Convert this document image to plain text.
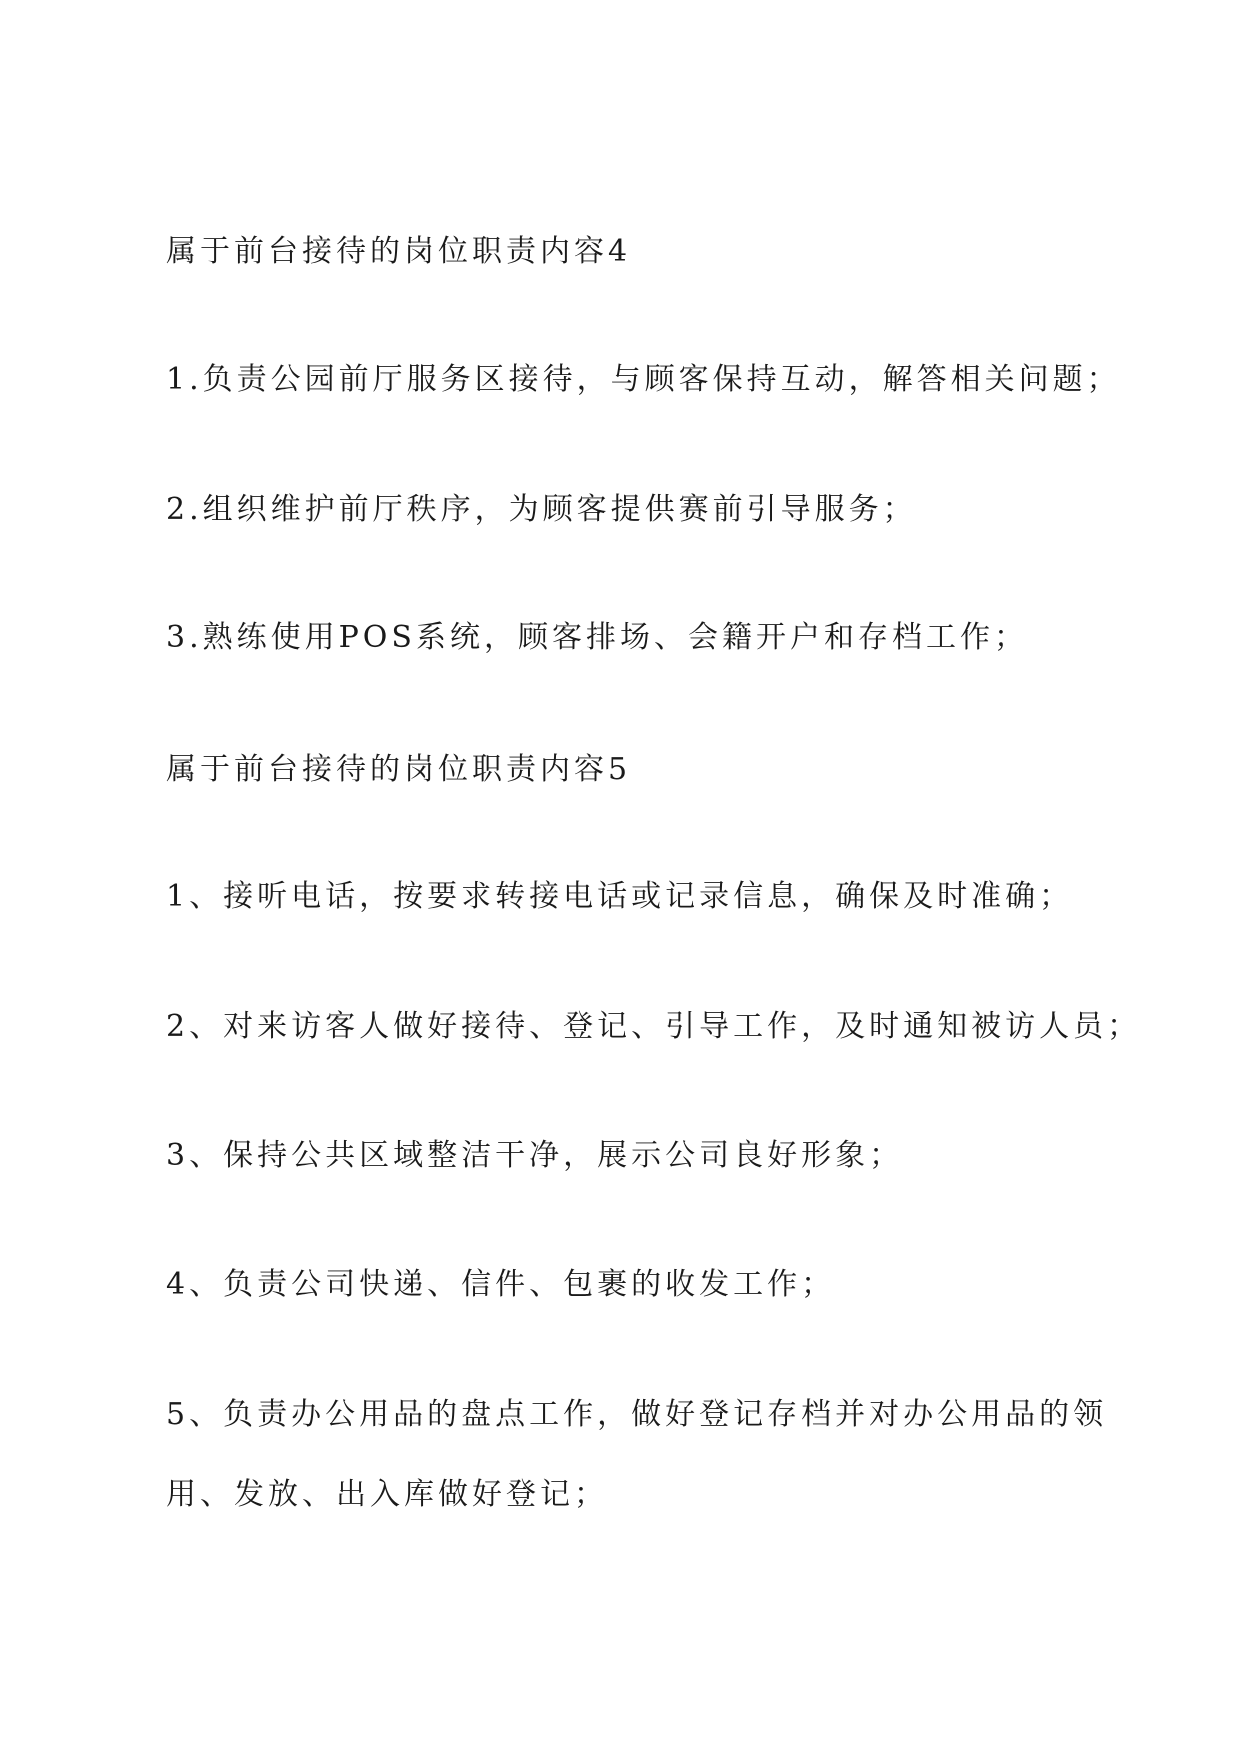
属于前台接待的岗位职责内容4
1.负责公园前厅服务区接待，与顾客保持互动，解答相关问题；
2.组织维护前厅秩序，为顾客提供赛前引导服务；
3.熟练使用POS系统，顾客排场、会籍开户和存档工作；
属于前台接待的岗位职责内容5
1、接听电话，按要求转接电话或记录信息，确保及时准确；
2、对来访客人做好接待、登记、引导工作，及时通知被访人员；
3、保持公共区域整洁干净，展示公司良好形象；
4、负责公司快递、信件、包裹的收发工作；
5、负责办公用品的盘点工作，做好登记存档并对办公用品的领
用、发放、出入库做好登记；
